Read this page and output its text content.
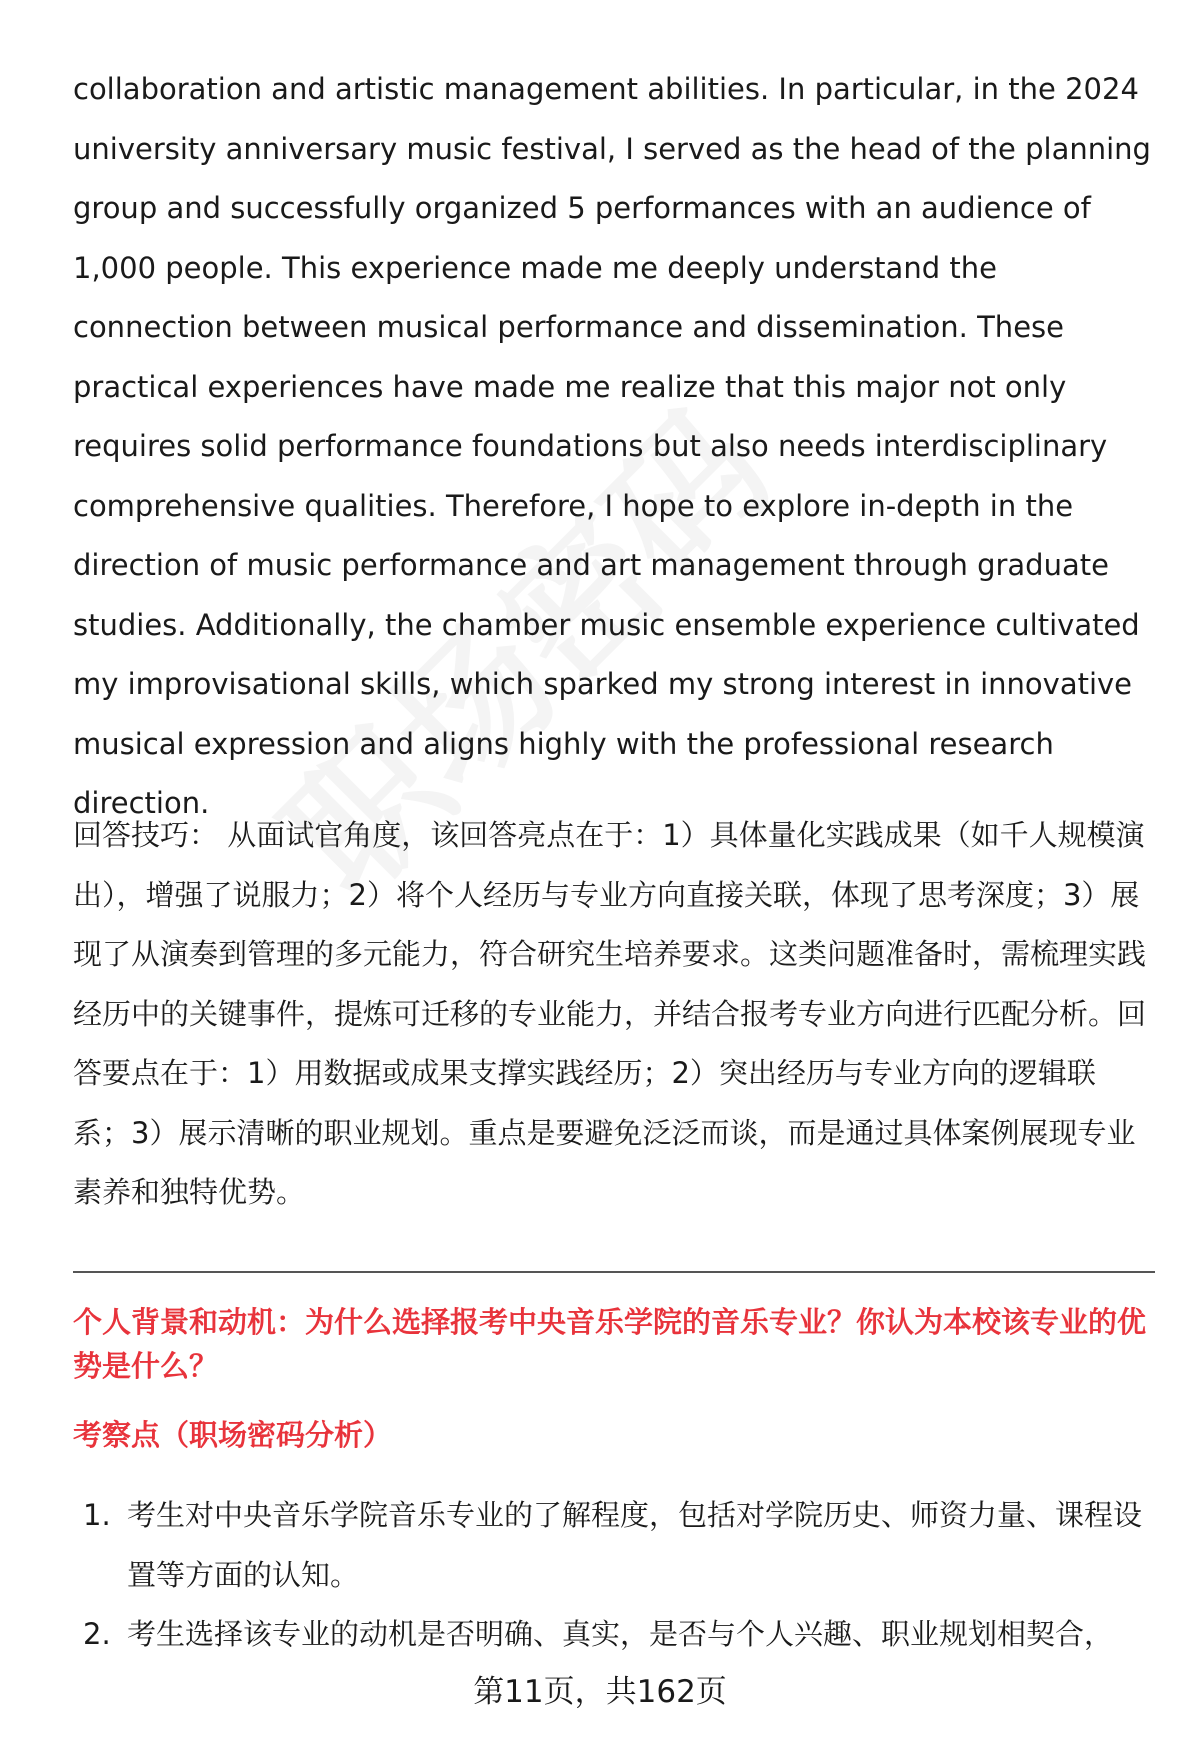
collaboration and artistic management abilities. In particular, in the 2024 university anniversary music festival, I served as the head of the planning group and successfully organized 5 performances with an audience of 1,000 people. This experience made me deeply understand the connection between musical performance and dissemination. These practical experiences have made me realize that this major not only requires solid performance foundations but also needs interdisciplinary comprehensive qualities. Therefore, I hope to explore in-depth in the direction of music performance and art management through graduate studies. Additionally, the chamber music ensemble experience cultivated my improvisational skills, which sparked my strong interest in innovative musical expression and aligns highly with the professional research direction.

回答技巧： 从面试官角度，该回答亮点在于：1）具体量化实践成果（如千人规模演出），增强了说服力；2）将个人经历与专业方向直接关联，体现了思考深度；3）展现了从演奏到管理的多元能力，符合研究生培养要求。这类问题准备时，需梳理实践经历中的关键事件，提炼可迁移的专业能力，并结合报考专业方向进行匹配分析。回答要点在于：1）用数据或成果支撑实践经历；2）突出经历与专业方向的逻辑联系；3）展示清晰的职业规划。重点是要避免泛泛而谈，而是通过具体案例展现专业素养和独特优势。

个人背景和动机：为什么选择报考中央音乐学院的音乐专业？你认为本校该专业的优势是什么？
考察点（职场密码分析）
1. 考生对中央音乐学院音乐专业的了解程度，包括对学院历史、师资力量、课程设置等方面的认知。
2. 考生选择该专业的动机是否明确、真实，是否与个人兴趣、职业规划相契合，
第11页，共162页
